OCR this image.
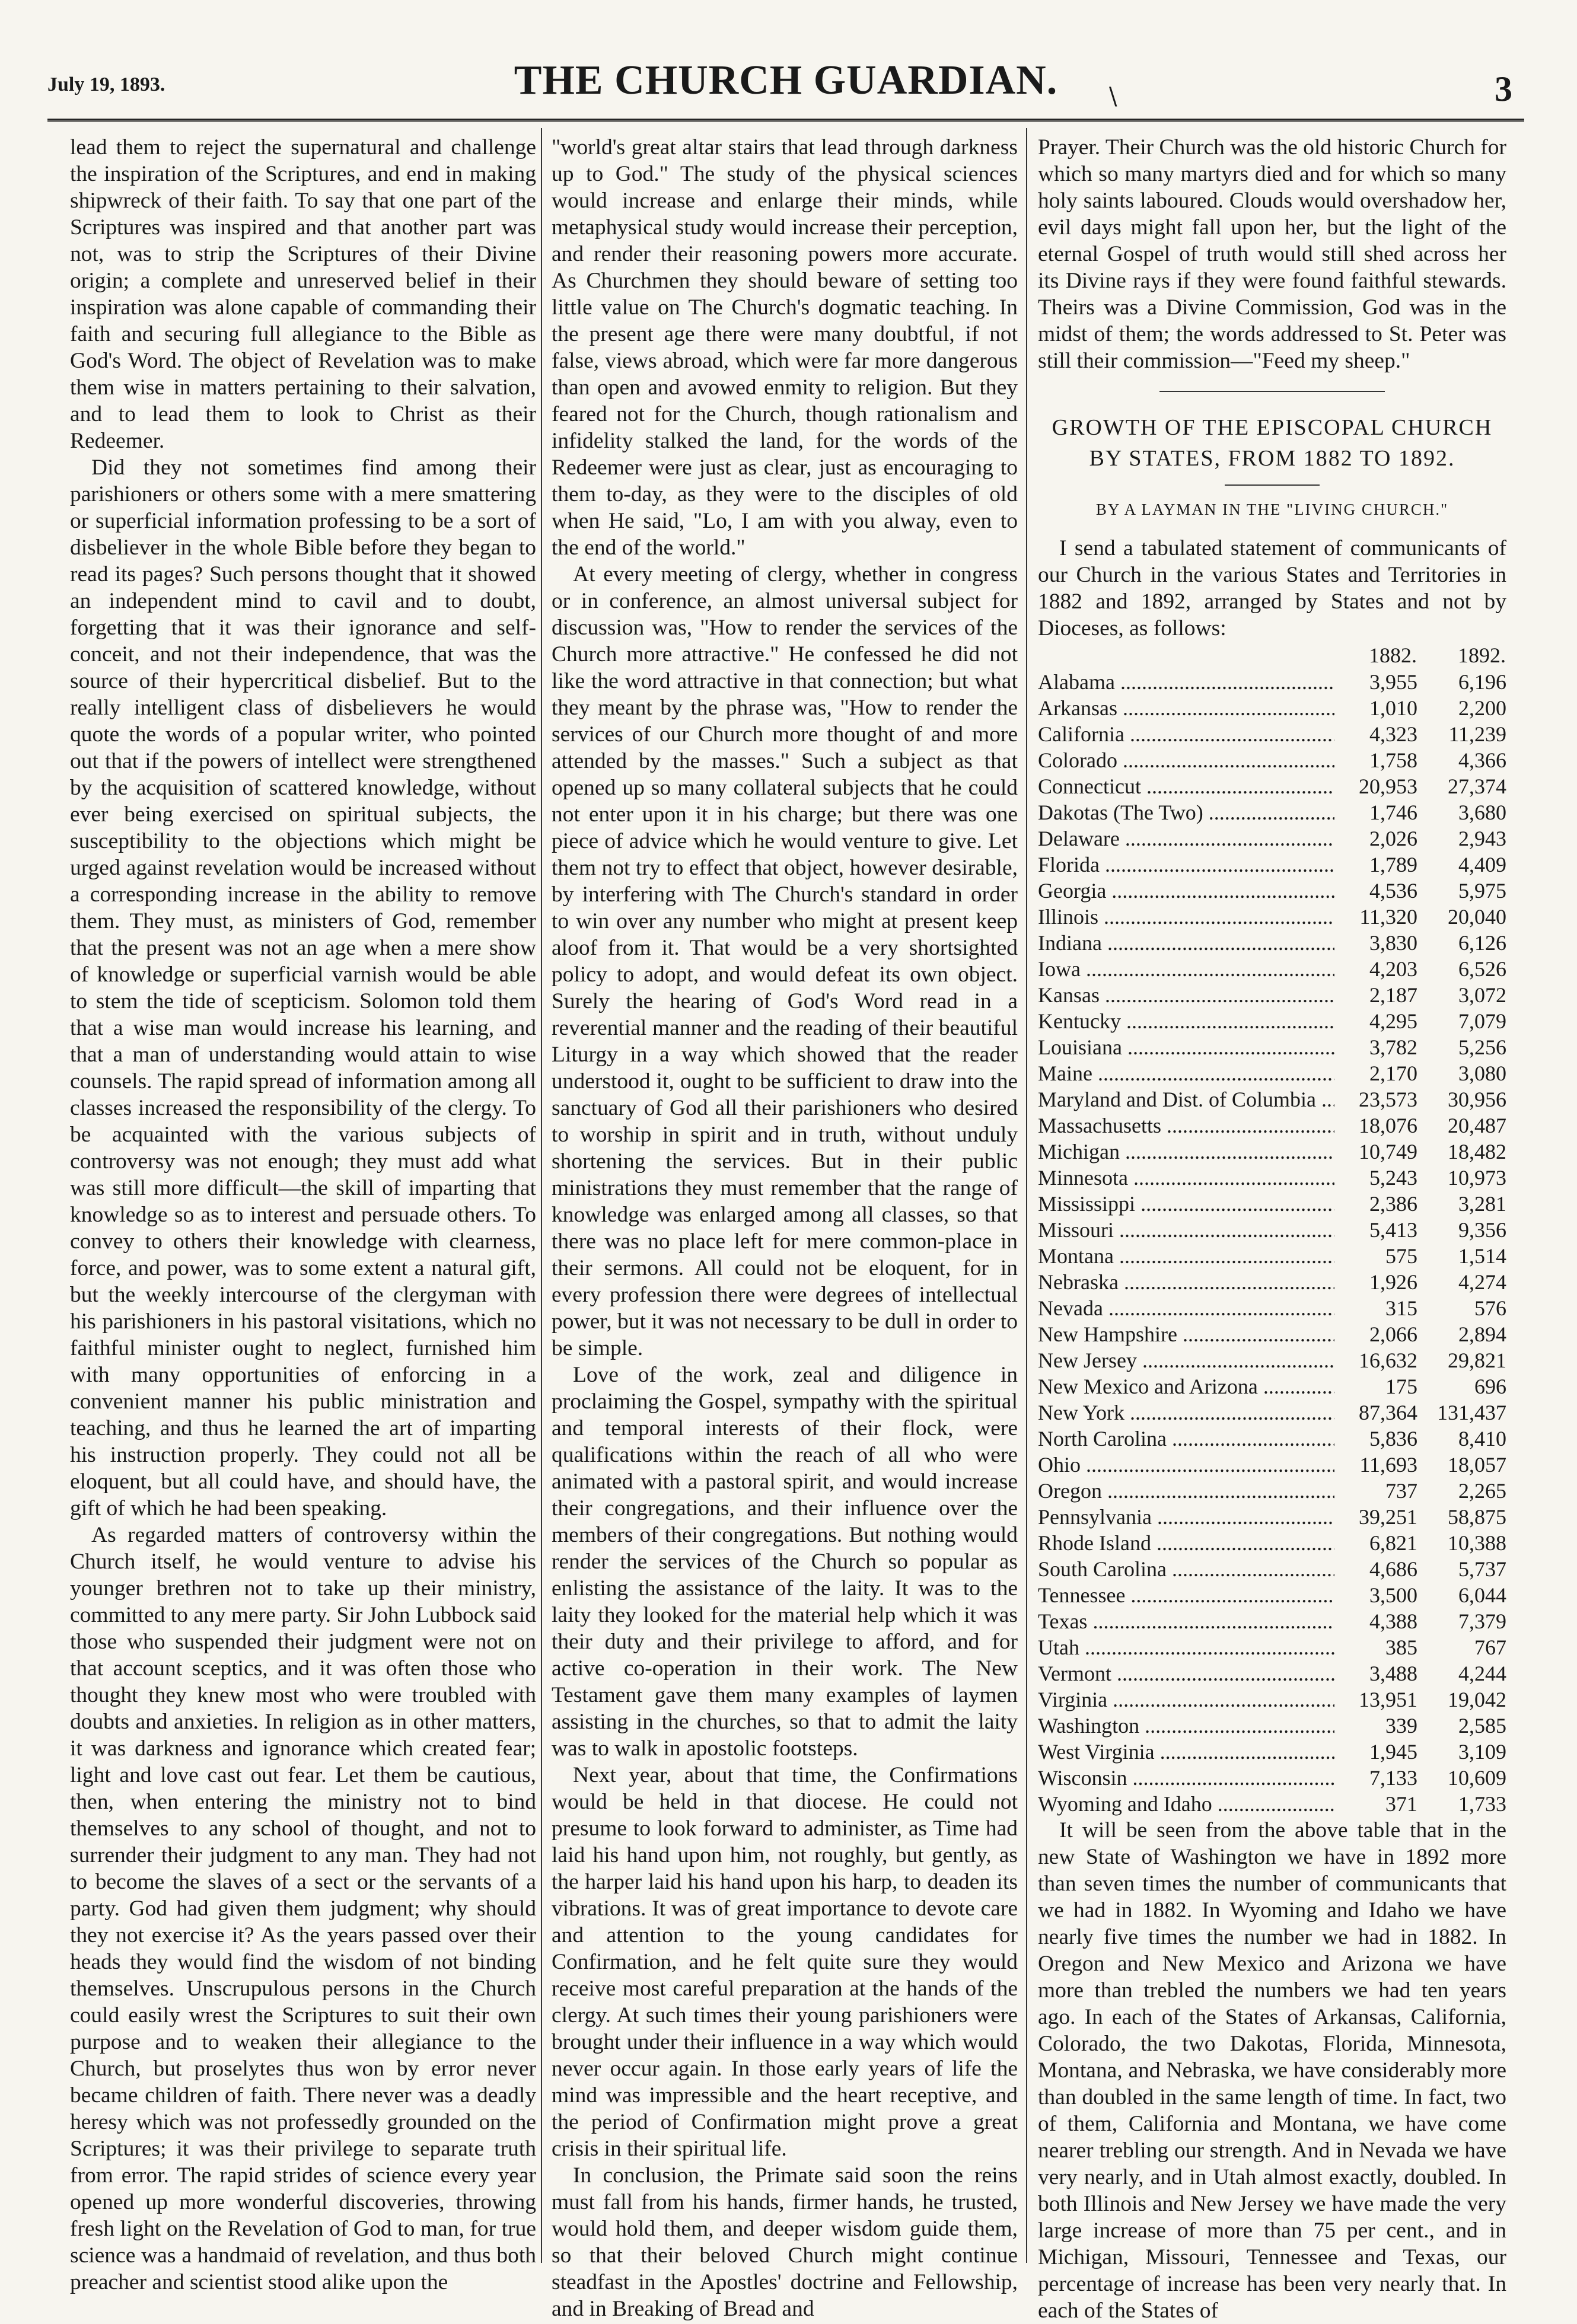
July 19, 1893.	THE CHURCH GUARDIAN.	\	3

lead them to reject the supernatural and challenge the inspiration of the Scriptures, and end in making shipwreck of their faith. To say that one part of the Scriptures was inspired and that another part was not, was to strip the Scriptures of their Divine origin; a complete and unreserved belief in their inspiration was alone capable of commanding their faith and securing full allegiance to the Bible as God's Word. The object of Revelation was to make them wise in matters pertaining to their salvation, and to lead them to look to Christ as their Redeemer.

Did they not sometimes find among their parishioners or others some with a mere smattering or superficial information professing to be a sort of disbeliever in the whole Bible before they began to read its pages? Such persons thought that it showed an independent mind to cavil and to doubt, forgetting that it was their ignorance and self-conceit, and not their independence, that was the source of their hypercritical disbelief. But to the really intelligent class of disbelievers he would quote the words of a popular writer, who pointed out that if the powers of intellect were strengthened by the acquisition of scattered knowledge, without ever being exercised on spiritual subjects, the susceptibility to the objections which might be urged against revelation would be increased without a corresponding increase in the ability to remove them. They must, as ministers of God, remember that the present was not an age when a mere show of knowledge or superficial varnish would be able to stem the tide of scepticism. Solomon told them that a wise man would increase his learning, and that a man of understanding would attain to wise counsels. The rapid spread of information among all classes increased the responsibility of the clergy. To be acquainted with the various subjects of controversy was not enough; they must add what was still more difficult—the skill of imparting that knowledge so as to interest and persuade others. To convey to others their knowledge with clearness, force, and power, was to some extent a natural gift, but the weekly intercourse of the clergyman with his parishioners in his pastoral visitations, which no faithful minister ought to neglect, furnished him with many opportunities of enforcing in a convenient manner his public ministration and teaching, and thus he learned the art of imparting his instruction properly. They could not all be eloquent, but all could have, and should have, the gift of which he had been speaking.

As regarded matters of controversy within the Church itself, he would venture to advise his younger brethren not to take up their ministry, committed to any mere party. Sir John Lubbock said those who suspended their judgment were not on that account sceptics, and it was often those who thought they knew most who were troubled with doubts and anxieties. In religion as in other matters, it was darkness and ignorance which created fear; light and love cast out fear. Let them be cautious, then, when entering the ministry not to bind themselves to any school of thought, and not to surrender their judgment to any man. They had not to become the slaves of a sect or the servants of a party. God had given them judgment; why should they not exercise it? As the years passed over their heads they would find the wisdom of not binding themselves. Unscrupulous persons in the Church could easily wrest the Scriptures to suit their own purpose and to weaken their allegiance to the Church, but proselytes thus won by error never became children of faith. There never was a deadly heresy which was not professedly grounded on the Scriptures; it was their privilege to separate truth from error. The rapid strides of science every year opened up more wonderful discoveries, throwing fresh light on the Revelation of God to man, for true science was a handmaid of revelation, and thus both preacher and scientist stood alike upon the

"world's great altar stairs that lead through darkness up to God." The study of the physical sciences would increase and enlarge their minds, while metaphysical study would increase their perception, and render their reasoning powers more accurate. As Churchmen they should beware of setting too little value on The Church's dogmatic teaching. In the present age there were many doubtful, if not false, views abroad, which were far more dangerous than open and avowed enmity to religion. But they feared not for the Church, though rationalism and infidelity stalked the land, for the words of the Redeemer were just as clear, just as encouraging to them to-day, as they were to the disciples of old when He said, "Lo, I am with you alway, even to the end of the world."

At every meeting of clergy, whether in congress or in conference, an almost universal subject for discussion was, "How to render the services of the Church more attractive." He confessed he did not like the word attractive in that connection; but what they meant by the phrase was, "How to render the services of our Church more thought of and more attended by the masses." Such a subject as that opened up so many collateral subjects that he could not enter upon it in his charge; but there was one piece of advice which he would venture to give. Let them not try to effect that object, however desirable, by interfering with The Church's standard in order to win over any number who might at present keep aloof from it. That would be a very shortsighted policy to adopt, and would defeat its own object. Surely the hearing of God's Word read in a reverential manner and the reading of their beautiful Liturgy in a way which showed that the reader understood it, ought to be sufficient to draw into the sanctuary of God all their parishioners who desired to worship in spirit and in truth, without unduly shortening the services. But in their public ministrations they must remember that the range of knowledge was enlarged among all classes, so that there was no place left for mere common-place in their sermons. All could not be eloquent, for in every profession there were degrees of intellectual power, but it was not necessary to be dull in order to be simple.

Love of the work, zeal and diligence in proclaiming the Gospel, sympathy with the spiritual and temporal interests of their flock, were qualifications within the reach of all who were animated with a pastoral spirit, and would increase their congregations, and their influence over the members of their congregations. But nothing would render the services of the Church so popular as enlisting the assistance of the laity. It was to the laity they looked for the material help which it was their duty and their privilege to afford, and for active co-operation in their work. The New Testament gave them many examples of laymen assisting in the churches, so that to admit the laity was to walk in apostolic footsteps.

Next year, about that time, the Confirmations would be held in that diocese. He could not presume to look forward to administer, as Time had laid his hand upon him, not roughly, but gently, as the harper laid his hand upon his harp, to deaden its vibrations. It was of great importance to devote care and attention to the young candidates for Confirmation, and he felt quite sure they would receive most careful preparation at the hands of the clergy. At such times their young parishioners were brought under their influence in a way which would never occur again. In those early years of life the mind was impressible and the heart receptive, and the period of Confirmation might prove a great crisis in their spiritual life.

In conclusion, the Primate said soon the reins must fall from his hands, firmer hands, he trusted, would hold them, and deeper wisdom guide them, so that their beloved Church might continue steadfast in the Apostles' doctrine and Fellowship, and in Breaking of Bread and

Prayer. Their Church was the old historic Church for which so many martyrs died and for which so many holy saints laboured. Clouds would overshadow her, evil days might fall upon her, but the light of the eternal Gospel of truth would still shed across her its Divine rays if they were found faithful stewards. Theirs was a Divine Commission, God was in the midst of them; the words addressed to St. Peter was still their commission—"Feed my sheep."

GROWTH OF THE EPISCOPAL CHURCH BY STATES, FROM 1882 TO 1892.
BY A LAYMAN IN THE "LIVING CHURCH."

I send a tabulated statement of communicants of our Church in the various States and Territories in 1882 and 1892, arranged by States and not by Dioceses, as follows:

	1882.	1892.

Alabama .....	3,955	6,196

Arkansas .....	1,010	2,200

California .....	4,323	11,239

Colorado .....	1,758	4,366

Connecticut .....	20,953	27,374

Dakotas (The Two) .....	1,746	3,680

Delaware .....	2,026	2,943

Florida .....	1,789	4,409

Georgia .....	4,536	5,975

Illinois .....	11,320	20,040

Indiana .....	3,830	6,126

Iowa .....	4,203	6,526

Kansas .....	2,187	3,072

Kentucky .....	4,295	7,079

Louisiana .....	3,782	5,256

Maine .....	2,170	3,080

Maryland and Dist. of Columbia .....	23,573	30,956

Massachusetts .....	18,076	20,487

Michigan .....	10,749	18,482

Minnesota .....	5,243	10,973

Mississippi .....	2,386	3,281

Missouri .....	5,413	9,356

Montana .....	575	1,514

Nebraska .....	1,926	4,274

Nevada .....	315	576

New Hampshire .....	2,066	2,894

New Jersey .....	16,632	29,821

New Mexico and Arizona .....	175	696

New York .....	87,364	131,437

North Carolina .....	5,836	8,410

Ohio .....	11,693	18,057

Oregon .....	737	2,265

Pennsylvania .....	39,251	58,875

Rhode Island .....	6,821	10,388

South Carolina .....	4,686	5,737

Tennessee .....	3,500	6,044

Texas .....	4,388	7,379

Utah .....	385	767

Vermont .....	3,488	4,244

Virginia .....	13,951	19,042

Washington .....	339	2,585

West Virginia .....	1,945	3,109

Wisconsin .....	7,133	10,609

Wyoming and Idaho .....	371	1,733

It will be seen from the above table that in the new State of Washington we have in 1892 more than seven times the number of communicants that we had in 1882. In Wyoming and Idaho we have nearly five times the number we had in 1882. In Oregon and New Mexico and Arizona we have more than trebled the numbers we had ten years ago. In each of the States of Arkansas, California, Colorado, the two Dakotas, Florida, Minnesota, Montana, and Nebraska, we have considerably more than doubled in the same length of time. In fact, two of them, California and Montana, we have come nearer trebling our strength. And in Nevada we have very nearly, and in Utah almost exactly, doubled. In both Illinois and New Jersey we have made the very large increase of more than 75 per cent., and in Michigan, Missouri, Tennessee and Texas, our percentage of increase has been very nearly that. In each of the States of
